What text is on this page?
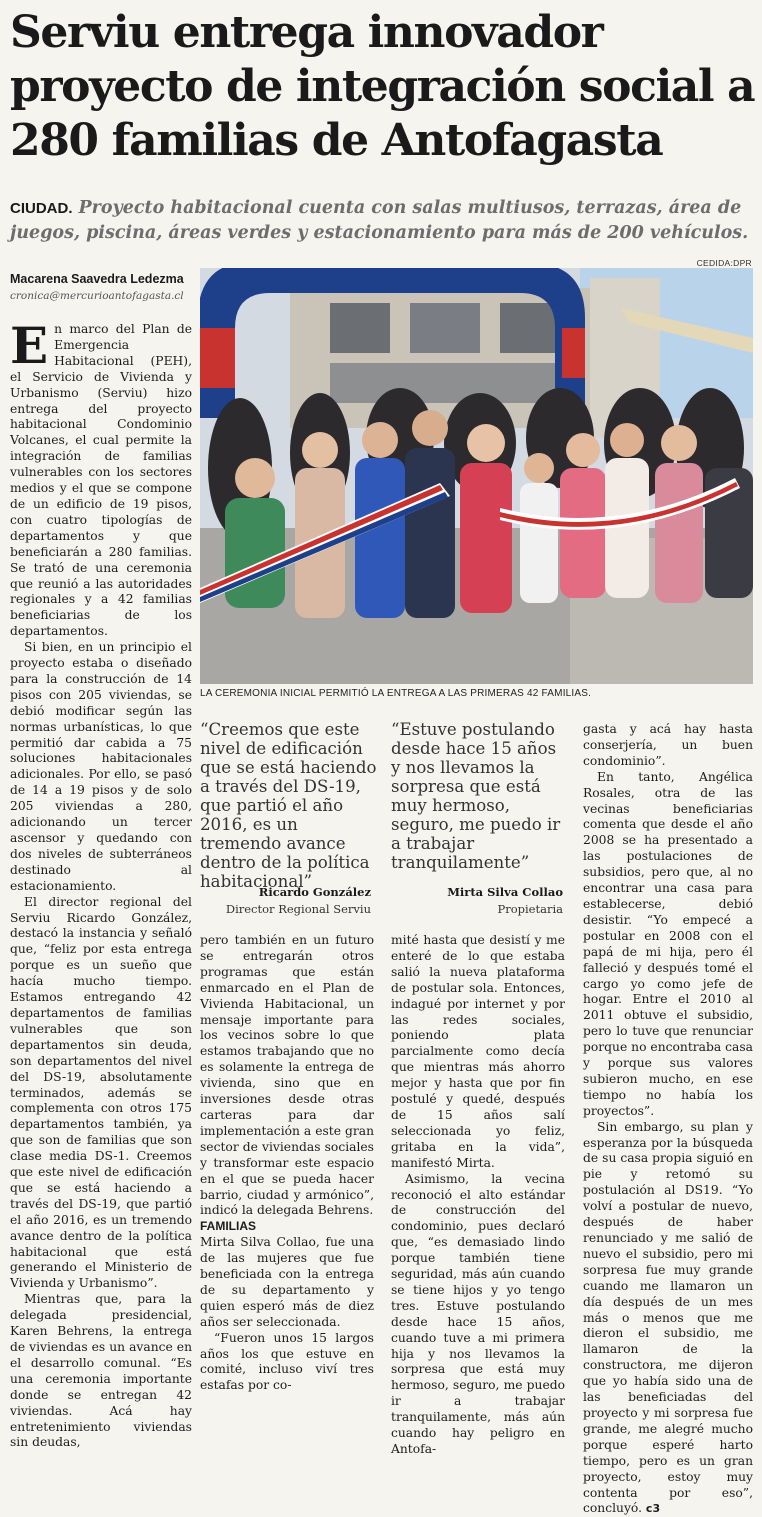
Serviu entrega innovador proyecto de integración social a 280 familias de Antofagasta
CIUDAD. Proyecto habitacional cuenta con salas multiusos, terrazas, área de juegos, piscina, áreas verdes y estacionamiento para más de 200 vehículos.
Macarena Saavedra Ledezma
cronica@mercurioantofagasta.cl
CEDIDA:DPR
LA CEREMONIA INICIAL PERMITIÓ LA ENTREGA A LAS PRIMERAS 42 FAMILIAS.

En marco del Plan de Emergencia Habitacional (PEH), el Servicio de Vivienda y Urbanismo (Serviu) hizo entrega del proyecto habitacional Condominio Volcanes, el cual permite la integración de familias vulnerables con los sectores medios y el que se compone de un edificio de 19 pisos, con cuatro tipologías de departamentos y que beneficiarán a 280 familias. Se trató de una ceremonia que reunió a las autoridades regionales y a 42 familias beneficiarias de los departamentos.

Si bien, en un principio el proyecto estaba o diseñado para la construcción de 14 pisos con 205 viviendas, se debió modificar según las normas urbanísticas, lo que permitió dar cabida a 75 soluciones habitacionales adicionales. Por ello, se pasó de 14 a 19 pisos y de solo 205 viviendas a 280, adicionando un tercer ascensor y quedando con dos niveles de subterráneos destinado al estacionamiento.

El director regional del Serviu Ricardo González, destacó la instancia y señaló que, “feliz por esta entrega porque es un sueño que hacía mucho tiempo. Estamos entregando 42 departamentos de familias vulnerables que son departamentos sin deuda, son departamentos del nivel del DS-19, absolutamente terminados, además se complementa con otros 175 departamentos también, ya que son de familias que son clase media DS-1. Creemos que este nivel de edificación que se está haciendo a través del DS-19, que partió el año 2016, es un tremendo avance dentro de la política habitacional que está generando el Ministerio de Vivienda y Urbanismo”.

Mientras que, para la delegada presidencial, Karen Behrens, la entrega de viviendas es un avance en el desarrollo comunal. “Es una ceremonia importante donde se entregan 42 viviendas. Acá hay entretenimiento viviendas sin deudas,

“Creemos que este nivel de edificación que se está haciendo a través del DS-19, que partió el año 2016, es un tremendo avance dentro de la política habitacional”
Ricardo González
Director Regional Serviu
“Estuve postulando desde hace 15 años y nos llevamos la sorpresa que está muy hermoso, seguro, me puedo ir a trabajar tranquilamente”
Mirta Silva Collao
Propietaria

pero también en un futuro se entregarán otros programas que están enmarcado en el Plan de Vivienda Habitacional, un mensaje importante para los vecinos sobre lo que estamos trabajando que no es solamente la entrega de vivienda, sino que en inversiones desde otras carteras para dar implementación a este gran sector de viviendas sociales y transformar este espacio en el que se pueda hacer barrio, ciudad y armónico”, indicó la delegada Behrens.

FAMILIAS

Mirta Silva Collao, fue una de las mujeres que fue beneficiada con la entrega de su departamento y quien esperó más de diez años ser seleccionada.

“Fueron unos 15 largos años los que estuve en comité, incluso viví tres estafas por co-

mité hasta que desistí y me enteré de lo que estaba salió la nueva plataforma de postular sola. Entonces, indagué por internet y por las redes sociales, poniendo plata parcialmente como decía que mientras más ahorro mejor y hasta que por fin postulé y quedé, después de 15 años salí seleccionada yo feliz, gritaba en la vida”, manifestó Mirta.

Asimismo, la vecina reconoció el alto estándar de construcción del condominio, pues declaró que, “es demasiado lindo porque también tiene seguridad, más aún cuando se tiene hijos y yo tengo tres. Estuve postulando desde hace 15 años, cuando tuve a mi primera hija y nos llevamos la sorpresa que está muy hermoso, seguro, me puedo ir a trabajar tranquilamente, más aún cuando hay peligro en Antofa-

gasta y acá hay hasta conserjería, un buen condominio”.

En tanto, Angélica Rosales, otra de las vecinas beneficiarias comenta que desde el año 2008 se ha presentado a las postulaciones de subsidios, pero que, al no encontrar una casa para establecerse, debió desistir. “Yo empecé a postular en 2008 con el papá de mi hija, pero él falleció y después tomé el cargo yo como jefe de hogar. Entre el 2010 al 2011 obtuve el subsidio, pero lo tuve que renunciar porque no encontraba casa y porque sus valores subieron mucho, en ese tiempo no había los proyectos”.

Sin embargo, su plan y esperanza por la búsqueda de su casa propia siguió en pie y retomó su postulación al DS19. “Yo volví a postular de nuevo, después de haber renunciado y me salió de nuevo el subsidio, pero mi sorpresa fue muy grande cuando me llamaron un día después de un mes más o menos que me dieron el subsidio, me llamaron de la constructora, me dijeron que yo había sido una de las beneficiadas del proyecto y mi sorpresa fue grande, me alegré mucho porque esperé harto tiempo, pero es un gran proyecto, estoy muy contenta por eso”, concluyó. c3
